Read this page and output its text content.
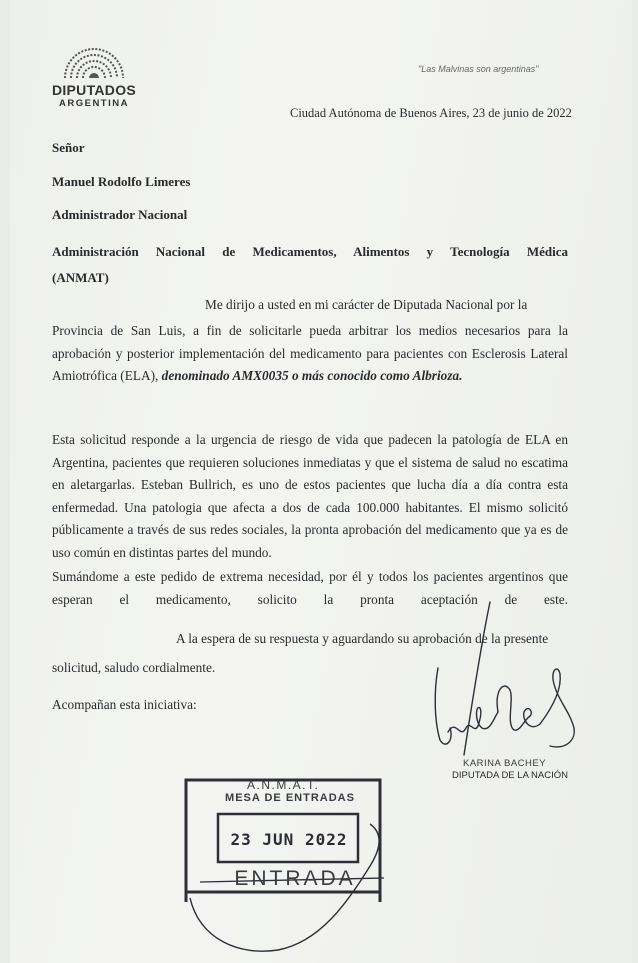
DIPUTADOS
ARGENTINA
"Las Malvinas son argentinas"
Ciudad Autónoma de Buenos Aires, 23 de junio de 2022
Señor
Manuel Rodolfo Limeres
Administrador Nacional
Administración Nacional de Medicamentos, Alimentos y Tecnología Médica
(ANMAT)
Me dirijo a usted en mi carácter de Diputada Nacional por la
Provincia de San Luis, a fin de solicitarle pueda arbitrar los medios necesarios para la aprobación y posterior implementación del medicamento para pacientes con Esclerosis Lateral Amiotrófica (ELA), denominado AMX0035 o más conocido como Albrioza.
Esta solicitud responde a la urgencia de riesgo de vida que padecen la patología de ELA en Argentina, pacientes que requieren soluciones inmediatas y que el sistema de salud no escatima en aletargarlas. Esteban Bullrich, es uno de estos pacientes que lucha día a día contra esta enfermedad. Una patologia que afecta a dos de cada 100.000 habitantes. El mismo solicitó públicamente a través de sus redes sociales, la pronta aprobación del medicamento que ya es de uso común en distintas partes del mundo.
Sumándome a este pedido de extrema necesidad, por él y todos los pacientes argentinos que esperan el medicamento, solicito la pronta aceptación de este.
A la espera de su respuesta y aguardando su aprobación de la presente
solicitud, saludo cordialmente.
Acompañan esta iniciativa:
KARINA BACHEY
DIPUTADA DE LA NACIÓN
A.N.M.A.T.
MESA DE ENTRADAS
23 JUN 2022
ENTRADA
